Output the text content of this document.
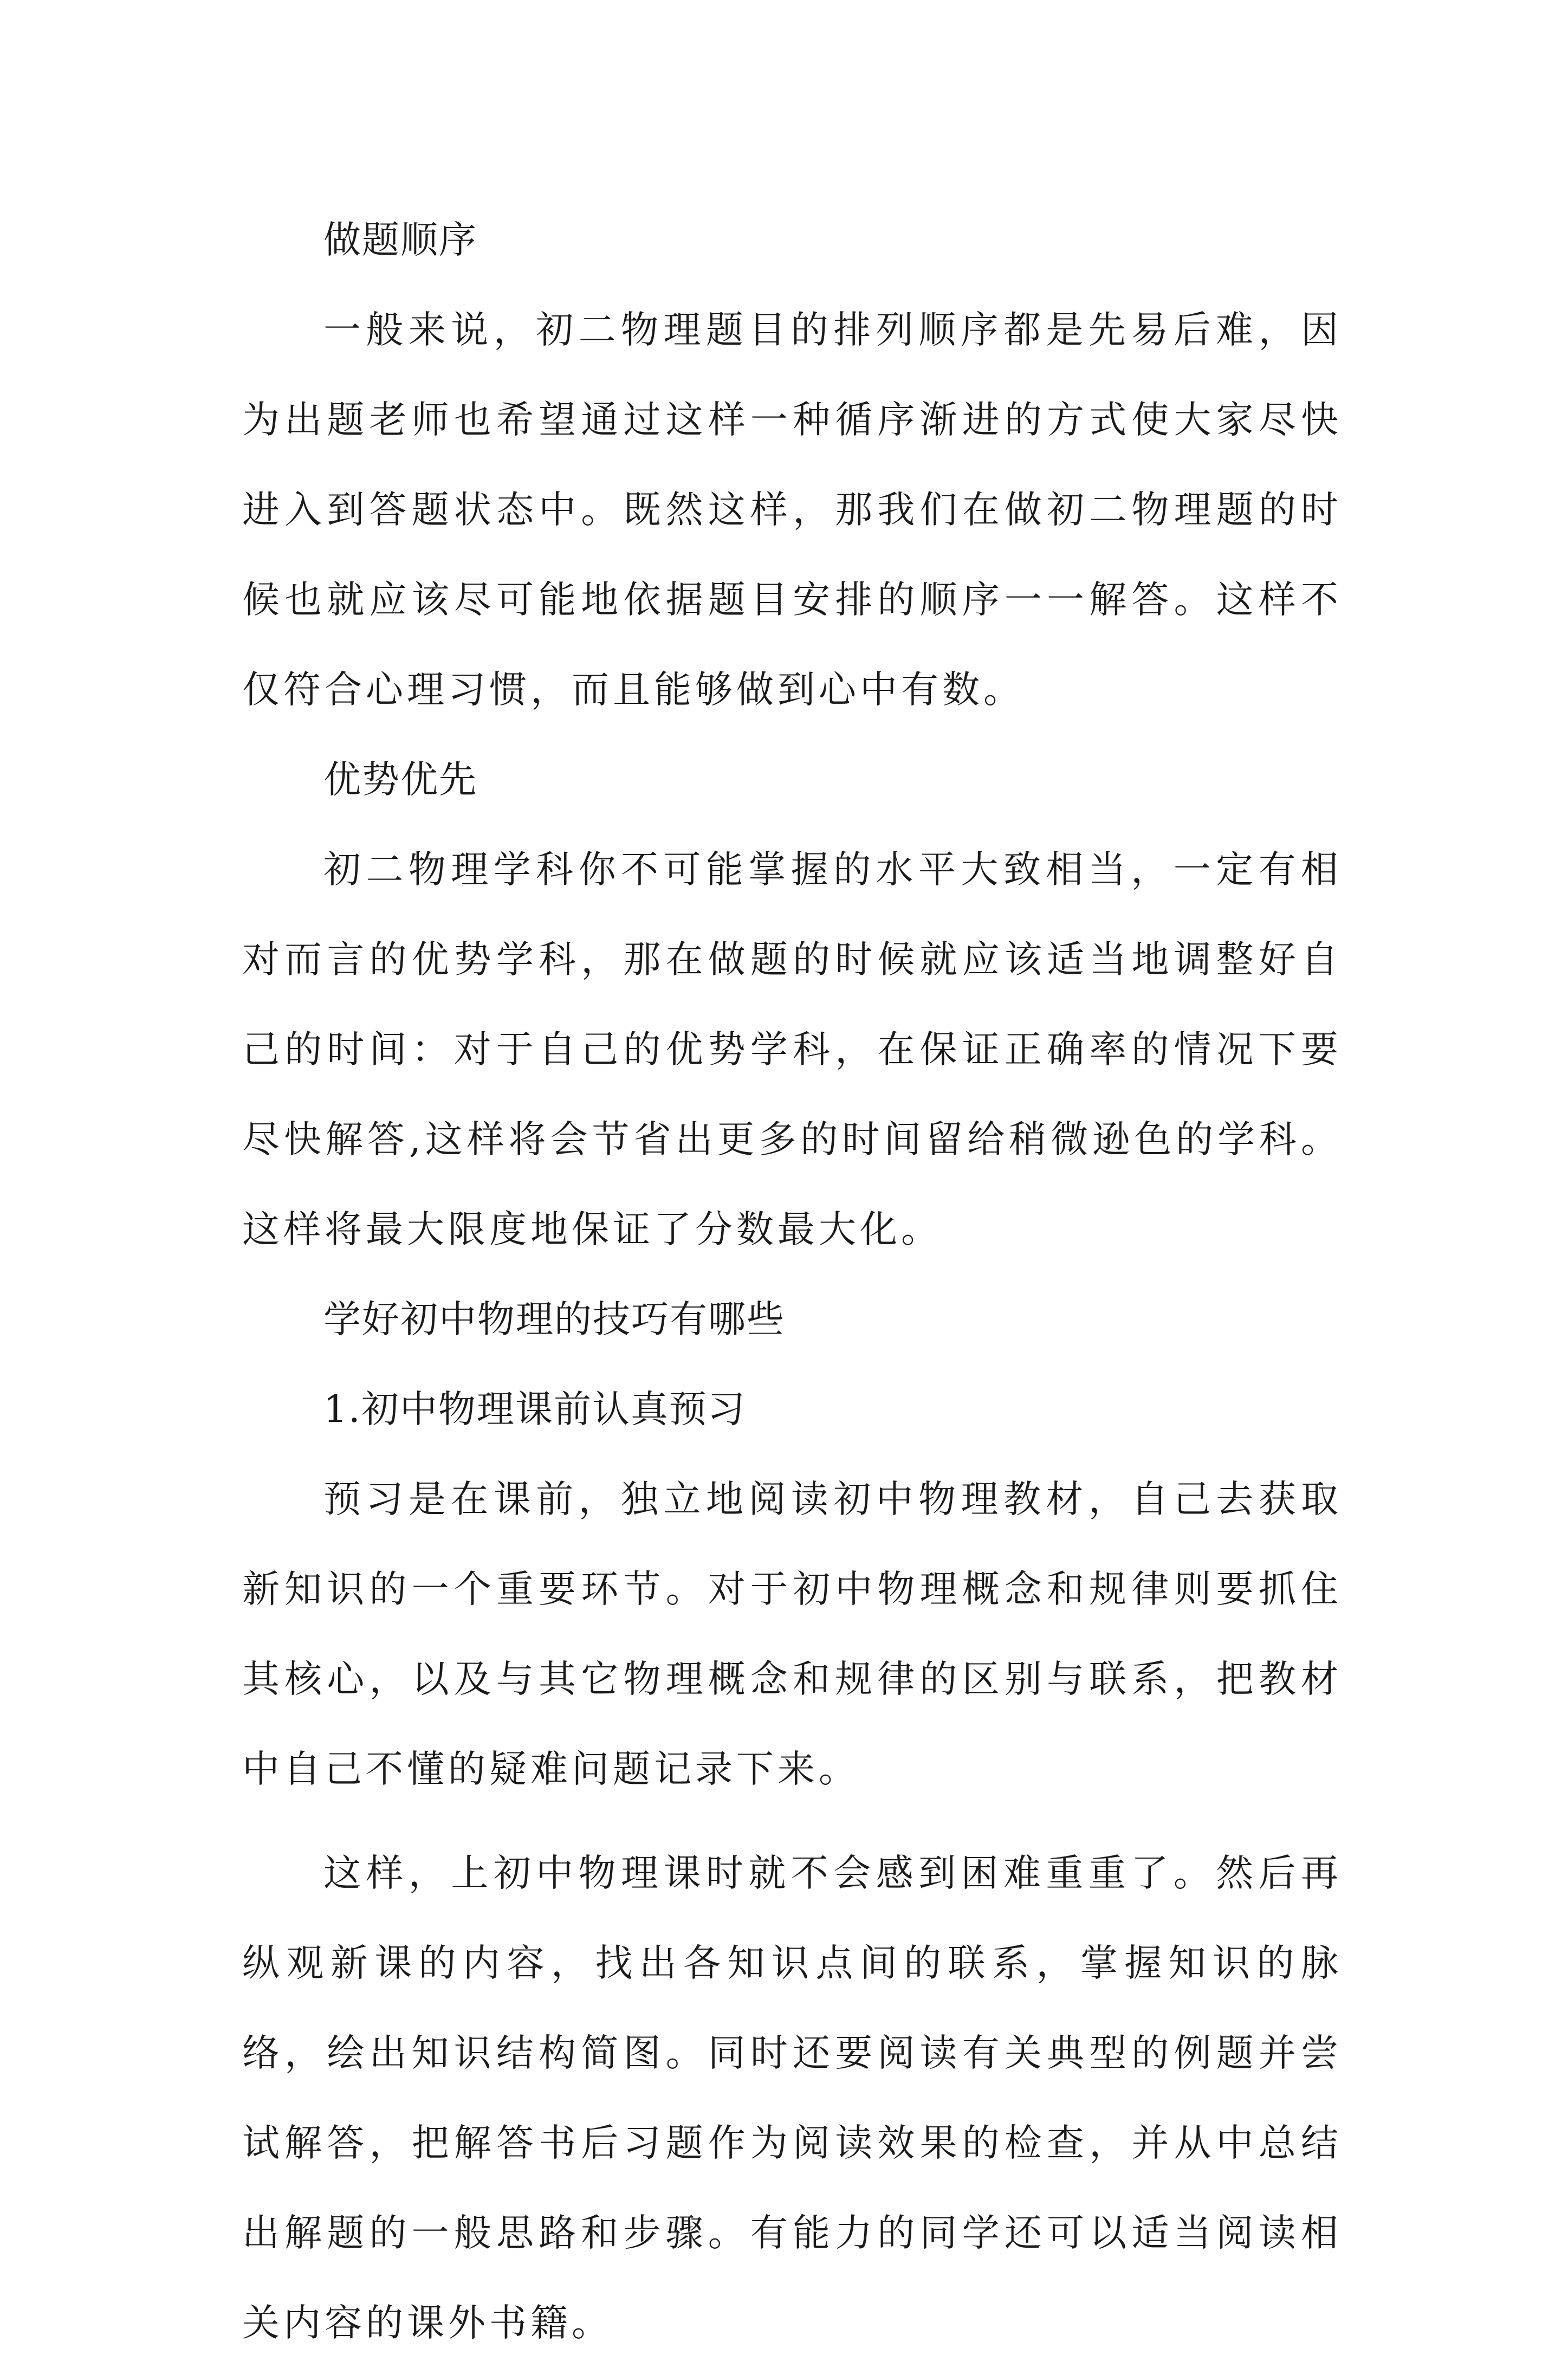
做题顺序

一般来说，初二物理题目的排列顺序都是先易后难，因为出题老师也希望通过这样一种循序渐进的方式使大家尽快进入到答题状态中。既然这样，那我们在做初二物理题的时候也就应该尽可能地依据题目安排的顺序一一解答。这样不仅符合心理习惯，而且能够做到心中有数。

优势优先

初二物理学科你不可能掌握的水平大致相当，一定有相对而言的优势学科，那在做题的时候就应该适当地调整好自己的时间：对于自己的优势学科，在保证正确率的情况下要尽快解答,这样将会节省出更多的时间留给稍微逊色的学科。这样将最大限度地保证了分数最大化。

学好初中物理的技巧有哪些

1.初中物理课前认真预习

预习是在课前，独立地阅读初中物理教材，自己去获取新知识的一个重要环节。对于初中物理概念和规律则要抓住其核心，以及与其它物理概念和规律的区别与联系，把教材中自己不懂的疑难问题记录下来。

这样，上初中物理课时就不会感到困难重重了。然后再纵观新课的内容，找出各知识点间的联系，掌握知识的脉络，绘出知识结构简图。同时还要阅读有关典型的例题并尝试解答，把解答书后习题作为阅读效果的检查，并从中总结出解题的一般思路和步骤。有能力的同学还可以适当阅读相关内容的课外书籍。
